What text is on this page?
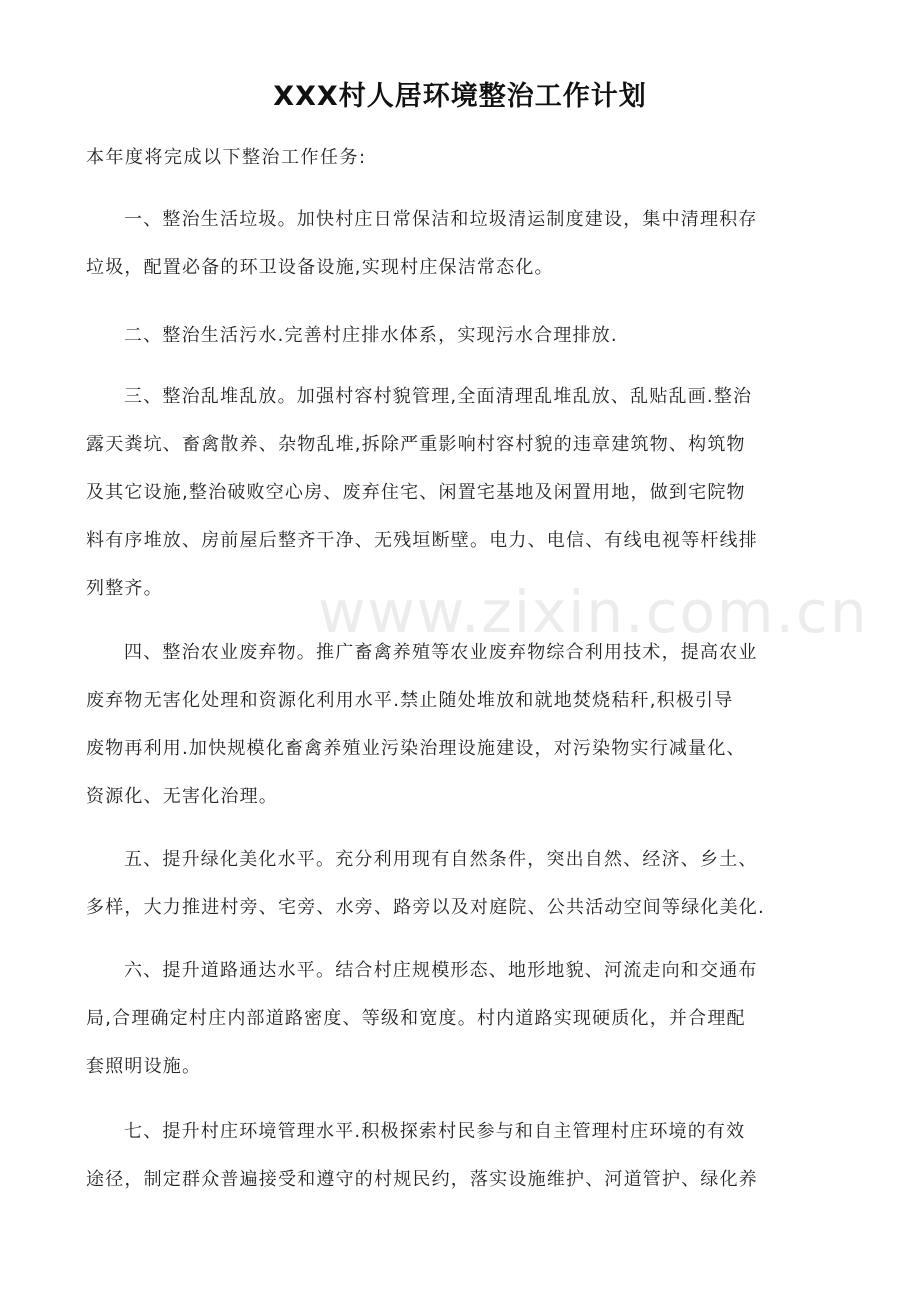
www.zixin.com.cn
XXX村人居环境整治工作计划
本年度将完成以下整治工作任务:
一、整治生活垃圾。加快村庄日常保洁和垃圾清运制度建设，集中清理积存
垃圾，配置必备的环卫设备设施,实现村庄保洁常态化。
二、整治生活污水.完善村庄排水体系，实现污水合理排放.
三、整治乱堆乱放。加强村容村貌管理,全面清理乱堆乱放、乱贴乱画.整治
露天粪坑、畜禽散养、杂物乱堆,拆除严重影响村容村貌的违章建筑物、构筑物
及其它设施,整治破败空心房、废弃住宅、闲置宅基地及闲置用地，做到宅院物
料有序堆放、房前屋后整齐干净、无残垣断壁。电力、电信、有线电视等杆线排
列整齐。
四、整治农业废弃物。推广畜禽养殖等农业废弃物综合利用技术，提高农业
废弃物无害化处理和资源化利用水平.禁止随处堆放和就地焚烧秸秆,积极引导
废物再利用.加快规模化畜禽养殖业污染治理设施建设，对污染物实行减量化、
资源化、无害化治理。
五、提升绿化美化水平。充分利用现有自然条件，突出自然、经济、乡土、
多样，大力推进村旁、宅旁、水旁、路旁以及对庭院、公共活动空间等绿化美化.
六、提升道路通达水平。结合村庄规模形态、地形地貌、河流走向和交通布
局,合理确定村庄内部道路密度、等级和宽度。村内道路实现硬质化，并合理配
套照明设施。
七、提升村庄环境管理水平.积极探索村民参与和自主管理村庄环境的有效
途径，制定群众普遍接受和遵守的村规民约，落实设施维护、河道管护、绿化养
